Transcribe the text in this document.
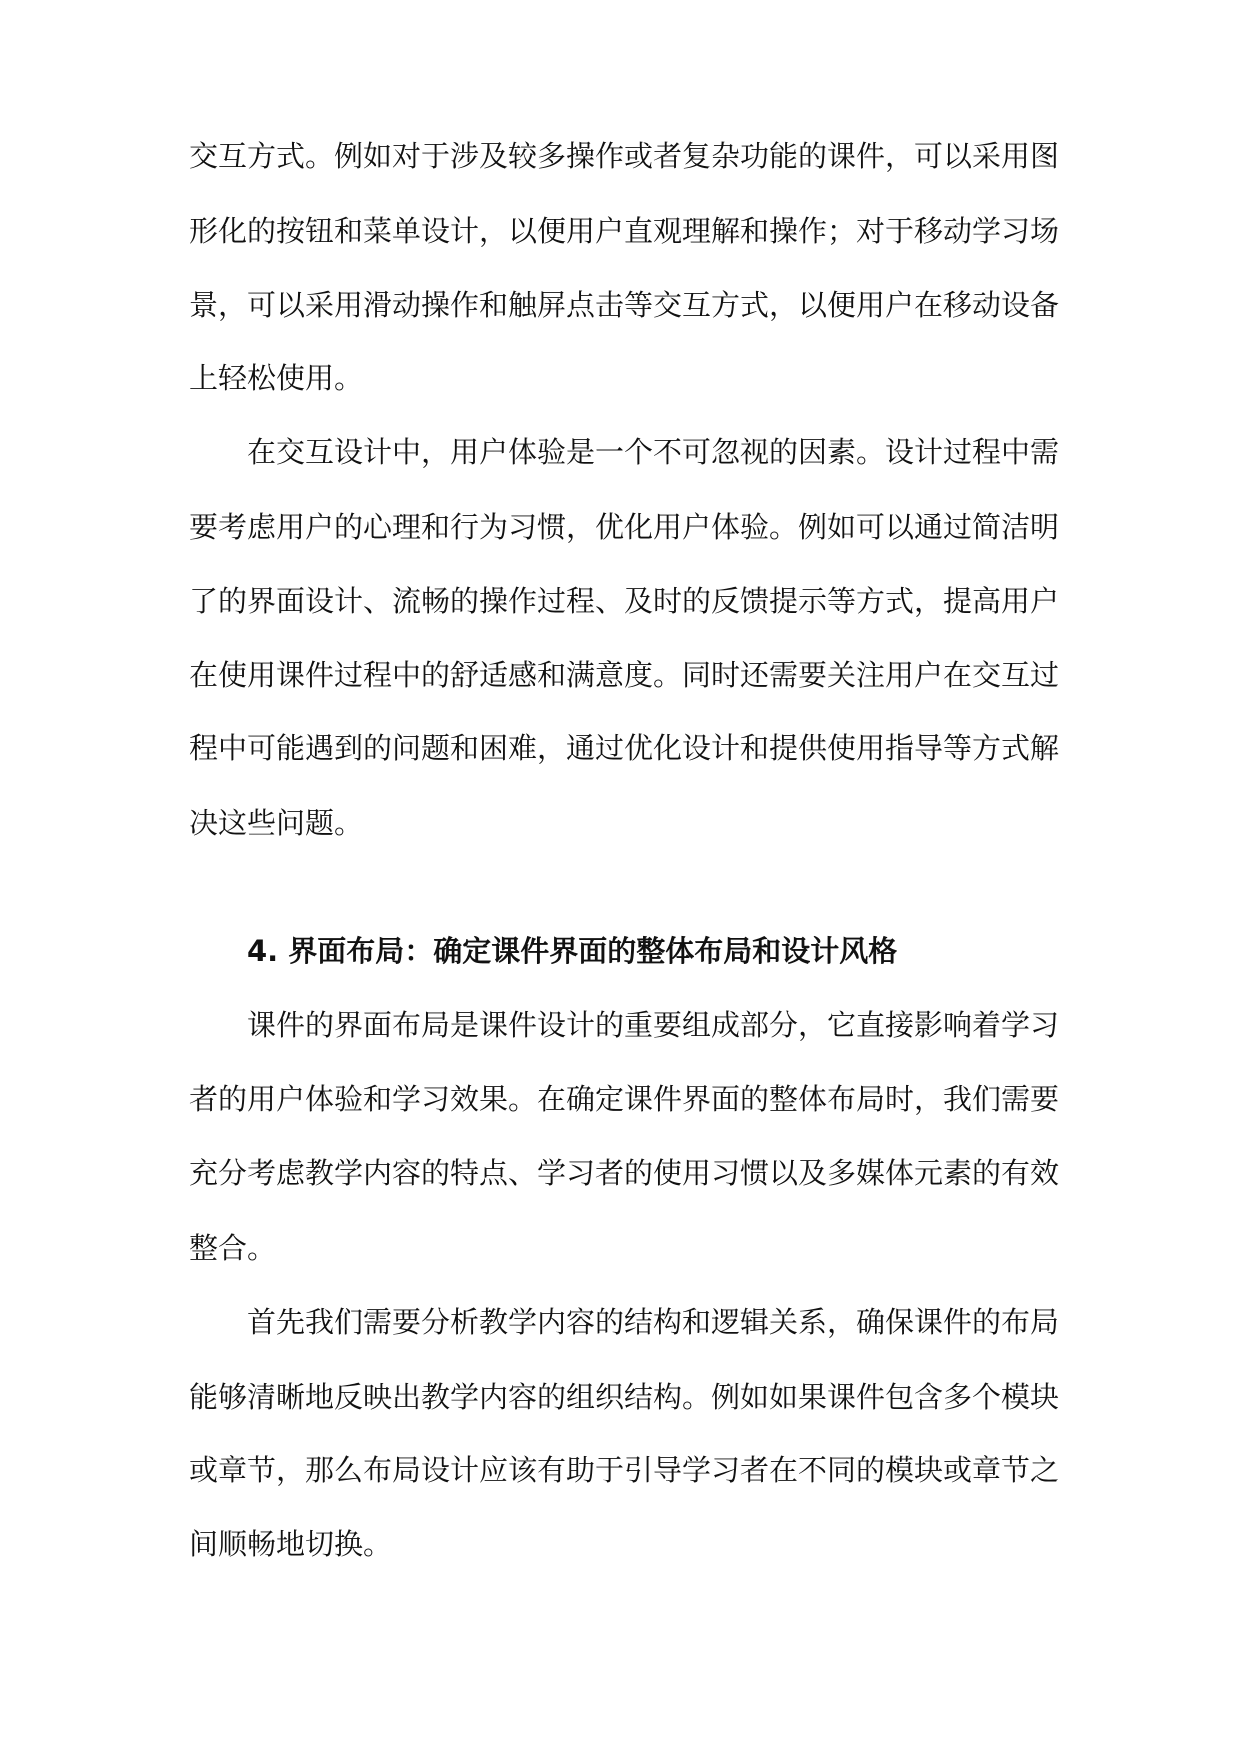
交互方式。例如对于涉及较多操作或者复杂功能的课件，可以采用图
形化的按钮和菜单设计，以便用户直观理解和操作；对于移动学习场
景，可以采用滑动操作和触屏点击等交互方式，以便用户在移动设备
上轻松使用。
在交互设计中，用户体验是一个不可忽视的因素。设计过程中需
要考虑用户的心理和行为习惯，优化用户体验。例如可以通过简洁明
了的界面设计、流畅的操作过程、及时的反馈提示等方式，提高用户
在使用课件过程中的舒适感和满意度。同时还需要关注用户在交互过
程中可能遇到的问题和困难，通过优化设计和提供使用指导等方式解
决这些问题。
4. 界面布局：确定课件界面的整体布局和设计风格
课件的界面布局是课件设计的重要组成部分，它直接影响着学习
者的用户体验和学习效果。在确定课件界面的整体布局时，我们需要
充分考虑教学内容的特点、学习者的使用习惯以及多媒体元素的有效
整合。
首先我们需要分析教学内容的结构和逻辑关系，确保课件的布局
能够清晰地反映出教学内容的组织结构。例如如果课件包含多个模块
或章节，那么布局设计应该有助于引导学习者在不同的模块或章节之
间顺畅地切换。
